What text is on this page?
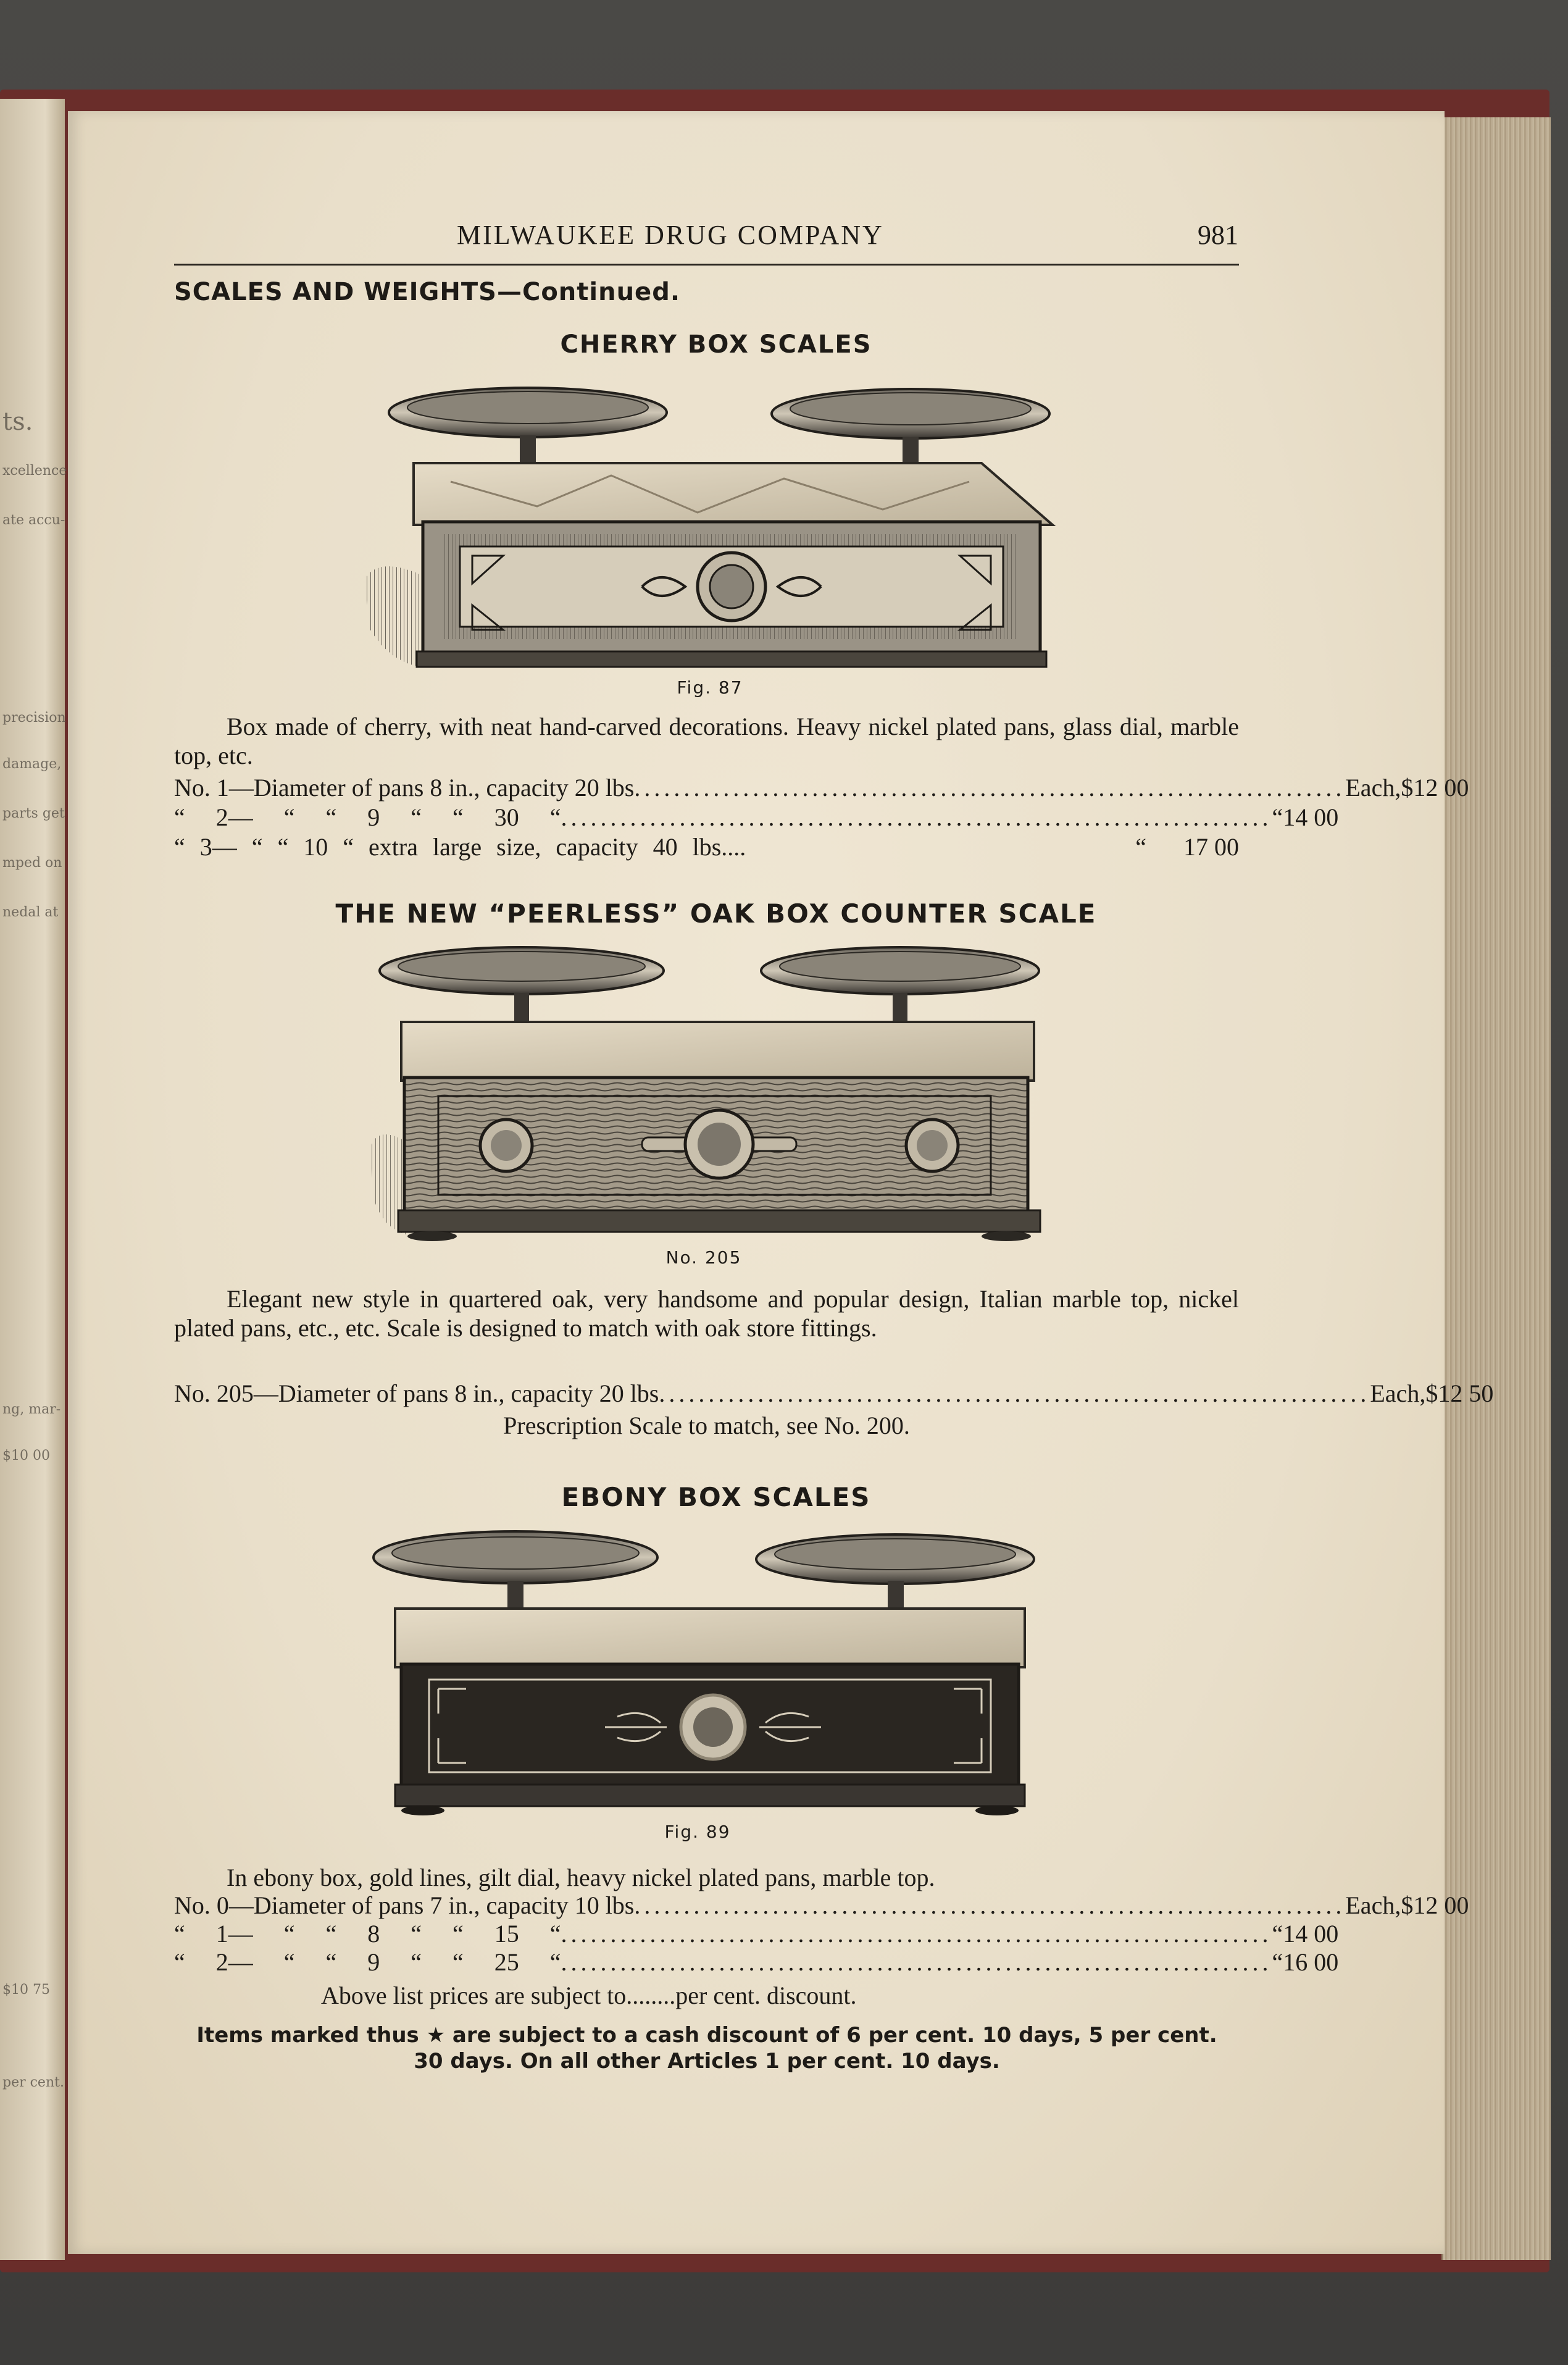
ts.
xcellence
ate accu-
precision
damage,
parts get
mped on
nedal at
ng, mar-
$10 00
$10 75
per cent.
MILWAUKEE DRUG COMPANY	981
SCALES AND WEIGHTS—Continued.
CHERRY BOX SCALES
Fig. 87
Box made of cherry, with neat hand-carved decorations. Heavy nickel plated pans, glass dial, marble top, etc.
No. 1—Diameter of pans 8 in., capacity 20 lbs ........................................................................ Each, $12 00
“ 2— “ “ 9 “ “ 30 “ ........................................................................ “ 14 00
“ 3— “ “ 10 “ extra large size, capacity 40 lbs....	“	17 00
THE NEW “PEERLESS” OAK BOX COUNTER SCALE
No. 205
Elegant new style in quartered oak, very handsome and popular design, Italian marble top, nickel plated pans, etc., etc. Scale is designed to match with oak store fittings.
No. 205—Diameter of pans 8 in., capacity 20 lbs ........................................................................ Each, $12 50
Prescription Scale to match, see No. 200.
EBONY BOX SCALES
Fig. 89
In ebony box, gold lines, gilt dial, heavy nickel plated pans, marble top.
No. 0—Diameter of pans 7 in., capacity 10 lbs ........................................................................ Each, $12 00
“ 1— “ “ 8 “ “ 15 “ ........................................................................ “ 14 00
“ 2— “ “ 9 “ “ 25 “ ........................................................................ “ 16 00
Above list prices are subject to........per cent. discount.
Items marked thus ★ are subject to a cash discount of 6 per cent. 10 days, 5 per cent.
30 days. On all other Articles 1 per cent. 10 days.
